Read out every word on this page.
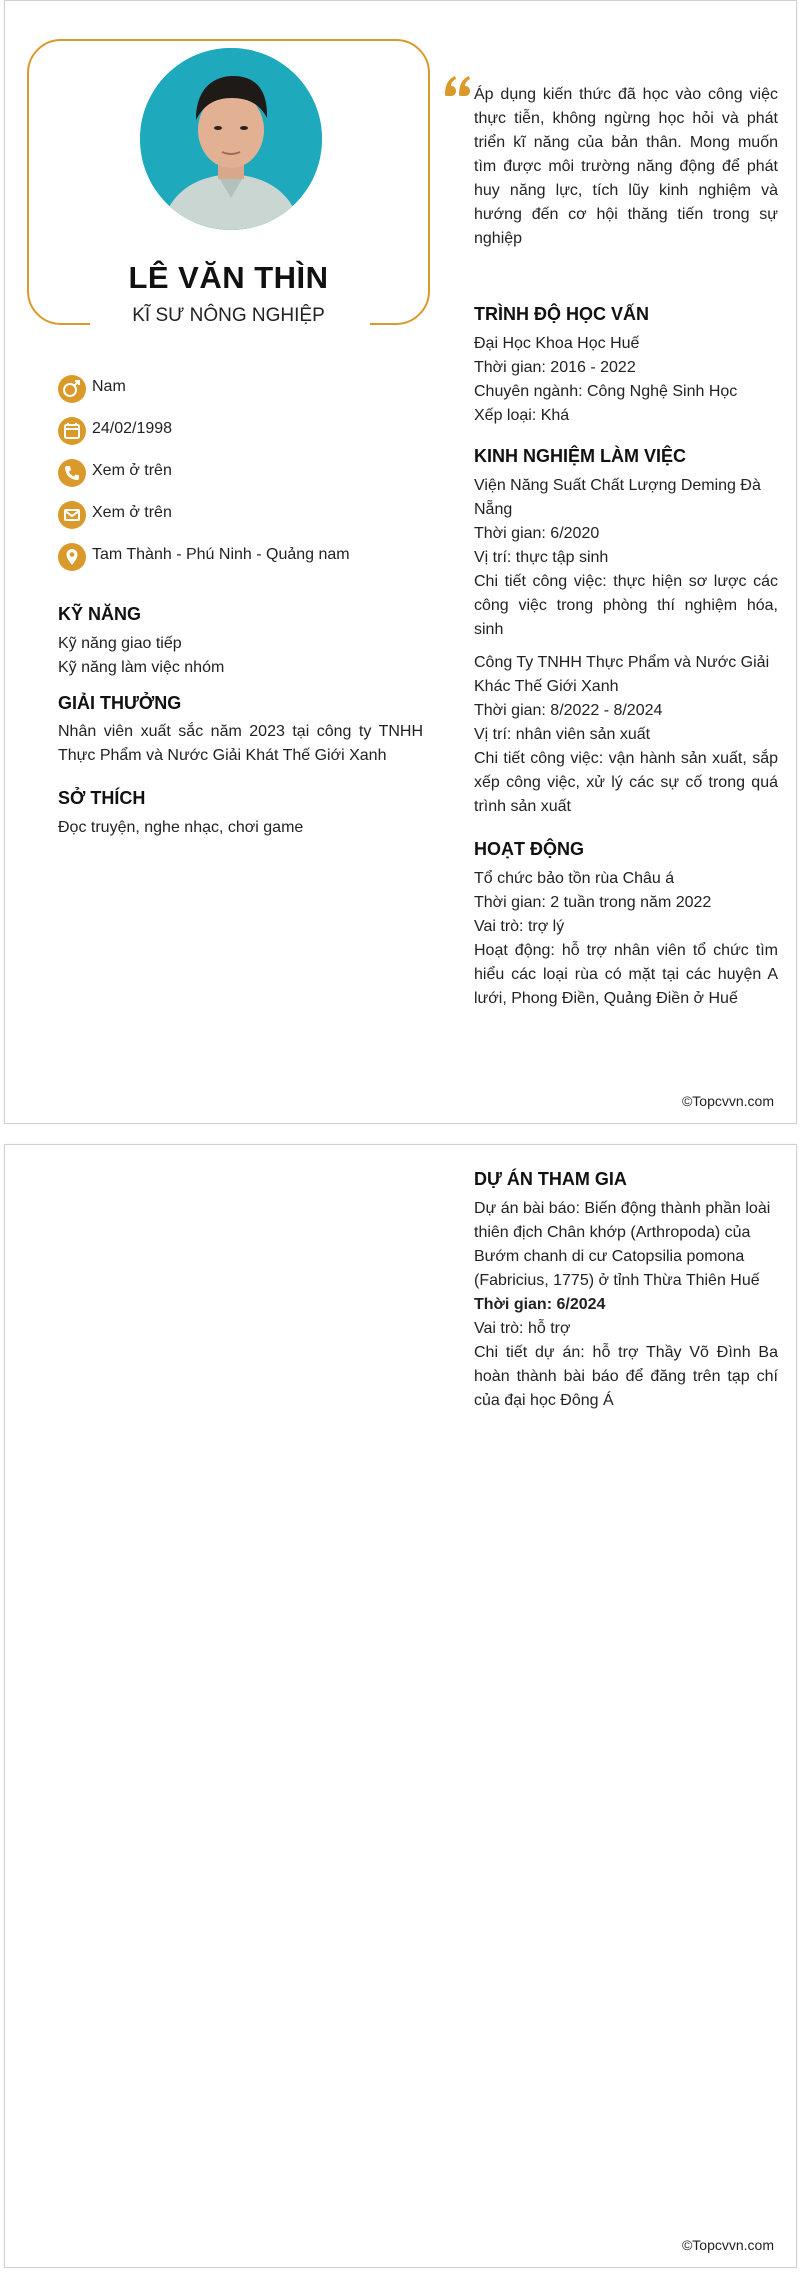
LÊ VĂN THÌN
KĨ SƯ NÔNG NGHIỆP
Nam
24/02/1998
Xem ở trên
Xem ở trên
Tam Thành - Phú Ninh - Quảng nam
KỸ NĂNG
Kỹ năng giao tiếp
Kỹ năng làm việc nhóm
GIẢI THƯỞNG
Nhân viên xuất sắc năm 2023 tại công ty TNHH Thực Phẩm và Nước Giải Khát Thế Giới Xanh
SỞ THÍCH
Đọc truyện, nghe nhạc, chơi game
Áp dụng kiến thức đã học vào công việc thực tiễn, không ngừng học hỏi và phát triển kĩ năng của bản thân. Mong muốn tìm được môi trường năng động để phát huy năng lực, tích lũy kinh nghiệm và hướng đến cơ hội thăng tiến trong sự nghiệp
TRÌNH ĐỘ HỌC VẤN
Đại Học Khoa Học Huế
Thời gian: 2016 - 2022
Chuyên ngành: Công Nghệ Sinh Học
Xếp loại: Khá
KINH NGHIỆM LÀM VIỆC
Viện Năng Suất Chất Lượng Deming Đà Nẵng
Thời gian: 6/2020
Vị trí: thực tập sinh
Chi tiết công việc: thực hiện sơ lược các công việc trong phòng thí nghiệm hóa, sinh
Công Ty TNHH Thực Phẩm và Nước Giải Khác Thế Giới Xanh
Thời gian: 8/2022 - 8/2024
Vị trí: nhân viên sản xuất
Chi tiết công việc: vận hành sản xuất, sắp xếp công việc, xử lý các sự cố trong quá trình sản xuất
HOẠT ĐỘNG
Tổ chức bảo tồn rùa Châu á
Thời gian: 2 tuần trong năm 2022
Vai trò: trợ lý
Hoạt động: hỗ trợ nhân viên tổ chức tìm hiểu các loại rùa có mặt tại các huyện A lưới, Phong Điền, Quảng Điền ở Huế
©Topcvvn.com
DỰ ÁN THAM GIA
Dự án bài báo: Biến động thành phần loài thiên địch Chân khớp (Arthropoda) của Bướm chanh di cư Catopsilia pomona (Fabricius, 1775) ở tỉnh Thừa Thiên Huế
Thời gian: 6/2024
Vai trò: hỗ trợ
Chi tiết dự án: hỗ trợ Thầy Võ Đình Ba hoàn thành bài báo để đăng trên tạp chí của đại học Đông Á
©Topcvvn.com
